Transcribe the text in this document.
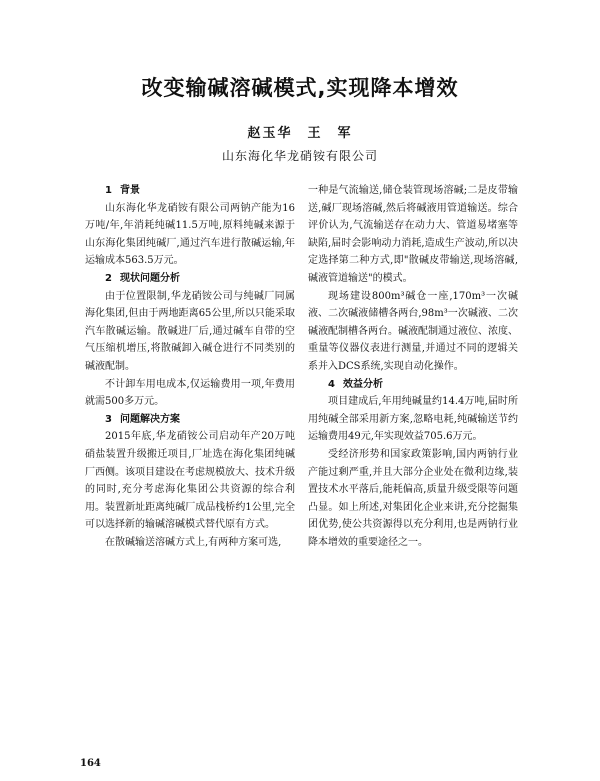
改变输碱溶碱模式,实现降本增效
赵玉华　王　军
山东海化华龙硝铵有限公司
1 背景

山东海化华龙硝铵有限公司两钠产能为16万吨/年,年消耗纯碱11.5万吨,原料纯碱来源于山东海化集团纯碱厂,通过汽车进行散碱运输,年运输成本563.5万元。

2 现状问题分析

由于位置限制,华龙硝铵公司与纯碱厂同属海化集团,但由于两地距离65公里,所以只能采取汽车散碱运输。散碱进厂后,通过碱车自带的空气压缩机增压,将散碱卸入碱仓进行不同类别的碱液配制。

不计卸车用电成本,仅运输费用一项,年费用就需500多万元。

3 问题解决方案

2015年底,华龙硝铵公司启动年产20万吨硝盐装置升级搬迁项目,厂址选在海化集团纯碱厂西侧。该项目建设在考虑规模放大、技术升级的同时,充分考虑海化集团公共资源的综合利用。装置新址距离纯碱厂成品栈桥约1公里,完全可以选择新的输碱溶碱模式替代原有方式。

在散碱输送溶碱方式上,有两种方案可选,

一种是气流输送,储仓装管现场溶碱;二是皮带输送,碱厂现场溶碱,然后将碱液用管道输送。综合评价认为,气流输送存在动力大、管道易堵塞等缺陷,届时会影响动力消耗,造成生产波动,所以决定选择第二种方式,即"散碱皮带输送,现场溶碱,碱液管道输送"的模式。

现场建设800m³碱仓一座,170m³一次碱液、二次碱液储槽各两台,98m³一次碱液、二次碱液配制槽各两台。碱液配制通过液位、浓度、重量等仪器仪表进行测量,并通过不同的逻辑关系并入DCS系统,实现自动化操作。

4 效益分析

项目建成后,年用纯碱量约14.4万吨,届时所用纯碱全部采用新方案,忽略电耗,纯碱输送节约运输费用49元,年实现效益705.6万元。

受经济形势和国家政策影响,国内两钠行业产能过剩严重,并且大部分企业处在微利边缘,装置技术水平落后,能耗偏高,质量升级受限等问题凸显。如上所述,对集团化企业来讲,充分挖掘集团优势,使公共资源得以充分利用,也是两钠行业降本增效的重要途径之一。

164
